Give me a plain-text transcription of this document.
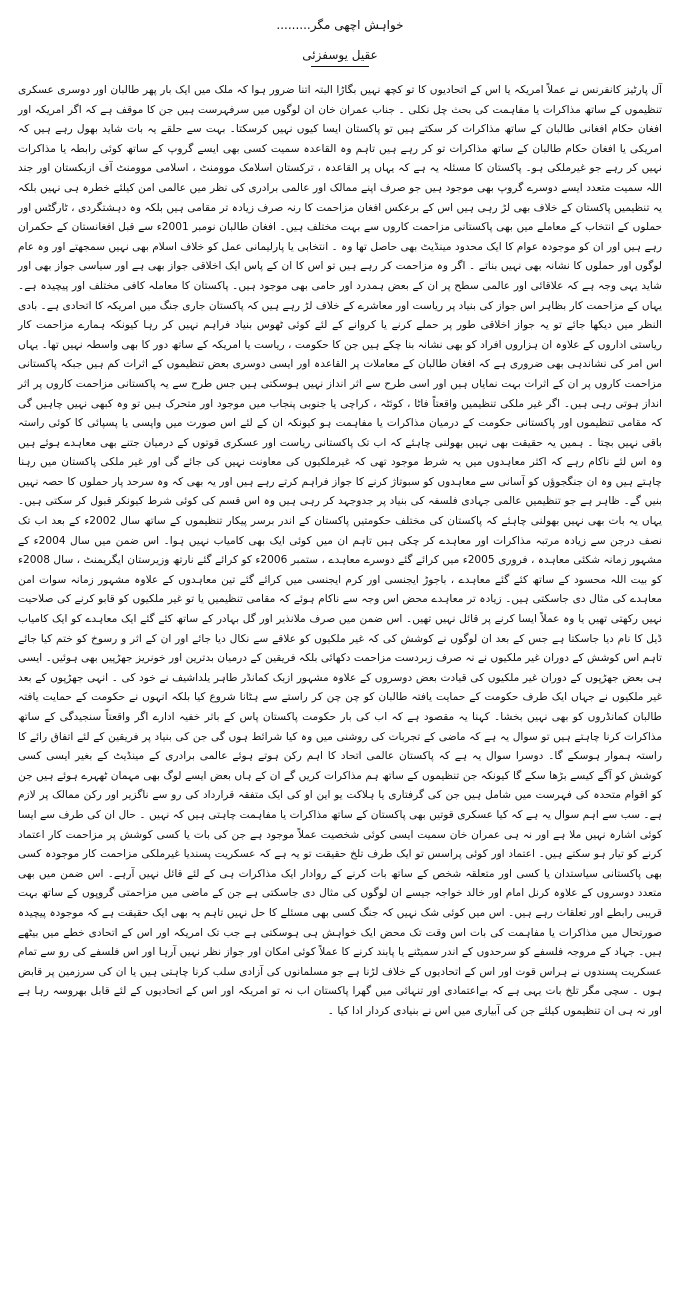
خواہش اچھی مگر.........
عقیل یوسفزئی

آل پارٹیز کانفرنس نے عملاً امریکہ یا اس کے اتحادیوں کا تو کچھ نہیں بگاڑا البتہ اتنا ضرور ہوا کہ ملک میں ایک بار پھر طالبان اور دوسری عسکری تنظیموں کے ساتھ مذاکرات یا مفاہمت کی بحث چل نکلی ۔ جناب عمران خان ان لوگوں میں سرفہرست ہیں جن کا موقف ہے کہ اگر امریکہ اور افغان حکام افغانی طالبان کے ساتھ مذاکرات کر سکتے ہیں تو پاکستان ایسا کیوں نہیں کرسکتا۔ بہت سے حلقے یہ بات شاید بھول رہے ہیں کہ امریکی یا افغان حکام طالبان کے ساتھ مذاکرات تو کر رہے ہیں تاہم وہ القاعدہ سمیت کسی بھی ایسے گروپ کے ساتھ کوئی رابطہ یا مذاکرات نہیں کر رہے جو غیرملکی ہو۔ پاکستان کا مسئلہ یہ ہے کہ یہاں پر القاعدہ ، ترکستان اسلامک موومنٹ ، اسلامی موومنٹ آف ازبکستان اور جند اللہ سمیت متعدد ایسے دوسرے گروپ بھی موجود ہیں جو صرف اپنے ممالک اور عالمی برادری کی نظر میں عالمی امن کیلئے خطرہ ہی نہیں بلکہ یہ تنظیمیں پاکستان کے خلاف بھی لڑ رہی ہیں اس کے برعکس افغان مزاحمت کا رنہ صرف زیادہ تر مقامی ہیں بلکہ وہ دہشتگردی ، ٹارگٹس اور حملوں کے انتخاب کے معاملے میں بھی پاکستانی مزاحمت کاروں سے بہت مختلف ہیں۔ افغان طالبان نومبر 2001ء سے قبل افغانستان کے حکمران رہے ہیں اور ان کو موجودہ عوام کا ایک محدود مینڈیٹ بھی حاصل تھا وہ ۔ انتخابی یا پارلیمانی عمل کو خلاف اسلام بھی نہیں سمجھتے اور وہ عام لوگوں اور حملوں کا نشانہ بھی نہیں بناتے ۔ اگر وہ مزاحمت کر رہے ہیں تو اس کا ان کے پاس ایک اخلاقی جواز بھی ہے اور سیاسی جواز بھی اور شاید یہی وجہ ہے کہ علاقائی اور عالمی سطح پر ان کے بعض ہمدرد اور حامی بھی موجود ہیں۔ پاکستان کا معاملہ کافی مختلف اور پیچیدہ ہے۔ یہاں کے مزاحمت کار بظاہر اس جواز کی بنیاد پر ریاست اور معاشرے کے خلاف لڑ رہے ہیں کہ پاکستان جاری جنگ میں امریکہ کا اتحادی ہے۔ بادی النظر میں دیکھا جائے تو یہ جواز اخلاقی طور پر حملے کرنے یا کروانے کے لئے کوئی ٹھوس بنیاد فراہم نہیں کر رہا کیونکہ ہمارے مزاحمت کار ریاستی اداروں کے علاوہ ان ہزاروں افراد کو بھی نشانہ بنا چکے ہیں جن کا حکومت ، ریاست یا امریکہ کے ساتھ دور کا بھی واسطہ نہیں تھا۔ یہاں اس امر کی نشاندہی بھی ضروری ہے کہ افغان طالبان کے معاملات پر القاعدہ اور ایسی دوسری بعض تنظیموں کے اثرات کم ہیں جبکہ پاکستانی مزاحمت کاروں پر ان کے اثرات بہت نمایاں ہیں اور اسی طرح سے اثر انداز نہیں ہوسکتی ہیں جس طرح سے یہ پاکستانی مزاحمت کاروں پر اثر انداز ہوتی رہی ہیں۔ اگر غیر ملکی تنظیمیں واقعتاً فاٹا ، کوئٹہ ، کراچی یا جنوبی پنجاب میں موجود اور متحرک ہیں تو وہ کبھی نہیں چاہیں گی کہ مقامی تنظیموں اور پاکستانی حکومت کے درمیان مذاکرات یا مفاہمت ہو کیونکہ ان کے لئے اس صورت میں واپسی یا پسپائی کا کوئی راستہ باقی نہیں بچتا ۔ ہمیں یہ حقیقت بھی نہیں بھولنی چاہئے کہ اب تک پاکستانی ریاست اور عسکری قوتوں کے درمیان جتنے بھی معاہدے ہوئے ہیں وہ اس لئے ناکام رہے کہ اکثر معاہدوں میں یہ شرط موجود تھی کہ غیرملکیوں کی معاونت نہیں کی جائے گی اور غیر ملکی پاکستان میں رہنا چاہتے ہیں وہ ان جنگجوؤں کو آسانی سے معاہدوں کو سبوتاژ کرنے کا جواز فراہم کرتے رہے ہیں اور یہ بھی کہ وہ سرحد پار حملوں کا حصہ نہیں بنیں گے۔ ظاہر ہے جو تنظیمیں عالمی جہادی فلسفہ کی بنیاد پر جدوجہد کر رہی ہیں وہ اس قسم کی کوئی شرط کیونکر قبول کر سکتی ہیں۔ یہاں یہ بات بھی نہیں بھولنی چاہئے کہ پاکستان کی مختلف حکومتیں پاکستان کے اندر برسر پیکار تنظیموں کے ساتھ سال 2002ء کے بعد اب تک نصف درجن سے زیادہ مرتبہ مذاکرات اور معاہدے کر چکی ہیں تاہم ان میں کوئی ایک بھی کامیاب نہیں ہوا۔ اس ضمن میں سال 2004ء کے مشہور زمانہ شکئی معاہدہ ، فروری 2005ء میں کرائے گئے دوسرے معاہدے ، ستمبر 2006ء کو کرائے گئے نارتھ وزیرستان ایگریمنٹ ، سال 2008ء کو بیت اللہ محسود کے ساتھ کئے گئے معاہدے ، باجوڑ ایجنسی اور کرم ایجنسی میں کرائے گئے تین معاہدوں کے علاوہ مشہور زمانہ سوات امن معاہدے کی مثال دی جاسکتی ہیں۔ زیادہ تر معاہدے محض اس وجہ سے ناکام ہوئے کہ مقامی تنظیمیں یا تو غیر ملکیوں کو قابو کرنے کی صلاحیت نہیں رکھتی تھیں یا وہ عملاً ایسا کرنے پر قائل نہیں تھیں۔ اس ضمن میں صرف ملانذیر اور گل بہادر کے ساتھ کئے گئے ایک معاہدے کو ایک کامیاب ڈیل کا نام دیا جاسکتا ہے جس کے بعد ان لوگوں نے کوشش کی کہ غیر ملکیوں کو علاقے سے نکال دیا جائے اور ان کے اثر و رسوخ کو ختم کیا جائے تاہم اس کوشش کے دوران غیر ملکیوں نے نہ صرف زبردست مزاحمت دکھائی بلکہ فریقین کے درمیان بدترین اور خونریز جھڑپیں بھی ہوئیں۔ ایسی ہی بعض جھڑپوں کے دوران غیر ملکیوں کی قیادت بعض دوسروں کے علاوہ مشہور ازبک کمانڈر طاہر یلداشیف نے خود کی ۔ انہی جھڑپوں کے بعد غیر ملکیوں نے جہاں ایک طرف حکومت کے حمایت یافتہ طالبان کو چن چن کر راستے سے ہٹانا شروع کیا بلکہ انہوں نے حکومت کے حمایت یافتہ طالبان کمانڈروں کو بھی نہیں بخشا۔ کہنا یہ مقصود ہے کہ اب کی بار حکومت پاکستان پاس کے باثر خفیہ ادارے اگر واقعتاً سنجیدگی کے ساتھ مذاکرات کرنا چاہتے ہیں تو سوال یہ ہے کہ ماضی کے تجربات کی روشنی میں وہ کیا شرائط ہوں گی جن کی بنیاد پر فریقین کے لئے اتفاق رائے کا راستہ ہموار ہوسکے گا۔ دوسرا سوال یہ ہے کہ پاکستان عالمی اتحاد کا اہم رکن ہوتے ہوئے عالمی برادری کے مینڈیٹ کے بغیر ایسی کسی کوشش کو آگے کیسے بڑھا سکے گا کیونکہ جن تنظیموں کے ساتھ ہم مذاکرات کریں گے ان کے ہاں بعض ایسے لوگ بھی مہمان ٹھہرے ہوئے ہیں جن کو اقوام متحدہ کی فہرست میں شامل ہیں جن کی گرفتاری یا ہلاکت یو این او کی ایک متفقہ قرارداد کی رو سے ناگزیر اور رکن ممالک پر لازم ہے۔ سب سے اہم سوال یہ ہے کہ کیا عسکری قوتیں بھی پاکستان کے ساتھ مذاکرات یا مفاہمت چاہتی ہیں کہ نہیں ۔ حال ان کی طرف سے ایسا کوئی اشارہ نہیں ملا ہے اور نہ ہی عمران خان سمیت ایسی کوئی شخصیت عملاً موجود ہے جن کی بات یا کسی کوشش پر مزاحمت کار اعتماد کرنے کو تیار ہو سکتے ہیں۔ اعتماد اور کوئی پراسس تو ایک طرف تلخ حقیقت تو یہ ہے کہ عسکریت پسندیا غیرملکی مزاحمت کار موجودہ کسی بھی پاکستانی سیاستدان یا کسی اور متعلقہ شخص کے ساتھ بات کرنے کے روادار ایک مذاکرات ہی کے لئے قائل نہیں آرہے۔ اس ضمن میں بھی متعدد دوسروں کے علاوہ کرنل امام اور خالد خواجہ جیسے ان لوگوں کی مثال دی جاسکتی ہے جن کے ماضی میں مزاحمتی گروپوں کے ساتھ بہت قریبی رابطے اور تعلقات رہے ہیں۔ اس میں کوئی شک نہیں کہ جنگ کسی بھی مسئلے کا حل نہیں تاہم یہ بھی ایک حقیقت ہے کہ موجودہ پیچیدہ صورتحال میں مذاکرات یا مفاہمت کی بات اس وقت تک محض ایک خواہش ہی ہوسکتی ہے جب تک امریکہ اور اس کے اتحادی خطے میں بیٹھے ہیں۔ جہاد کے مروجہ فلسفے کو سرحدوں کے اندر سمیٹنے یا پابند کرنے کا عملاً کوئی امکان اور جواز نظر نہیں آرہا اور اس فلسفے کی رو سے تمام عسکریت پسندوں نے ہراس قوت اور اس کے اتحادیوں کے خلاف لڑنا ہے جو مسلمانوں کی آزادی سلب کرنا چاہتی ہیں یا ان کی سرزمین پر قابض ہوں ۔ سچی مگر تلخ بات یہی ہے کہ بےاعتمادی اور تنہائی میں گھرا پاکستان اب نہ تو امریکہ اور اس کے اتحادیوں کے لئے قابل بھروسہ رہا ہے اور نہ ہی ان تنظیموں کیلئے جن کی آبیاری میں اس نے بنیادی کردار ادا کیا ۔
